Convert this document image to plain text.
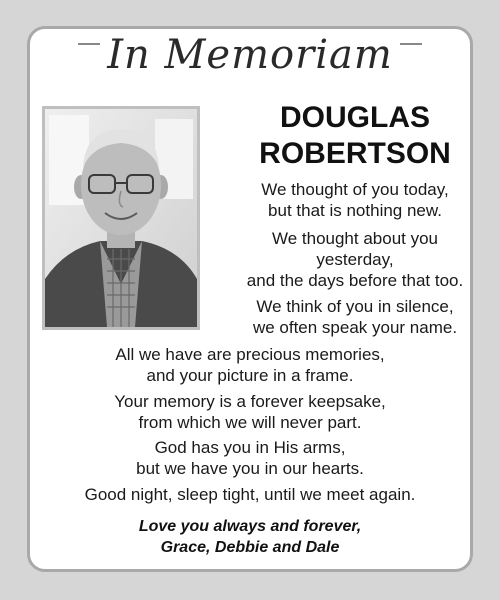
In Memoriam
DOUGLAS
ROBERTSON
We thought of you today,
but that is nothing new.
We thought about you
yesterday,
and the days before that too.
We think of you in silence,
we often speak your name.
All we have are precious memories,
and your picture in a frame.
Your memory is a forever keepsake,
from which we will never part.
God has you in His arms,
but we have you in our hearts.
Good night, sleep tight, until we meet again.
Love you always and forever,
Grace, Debbie and Dale
